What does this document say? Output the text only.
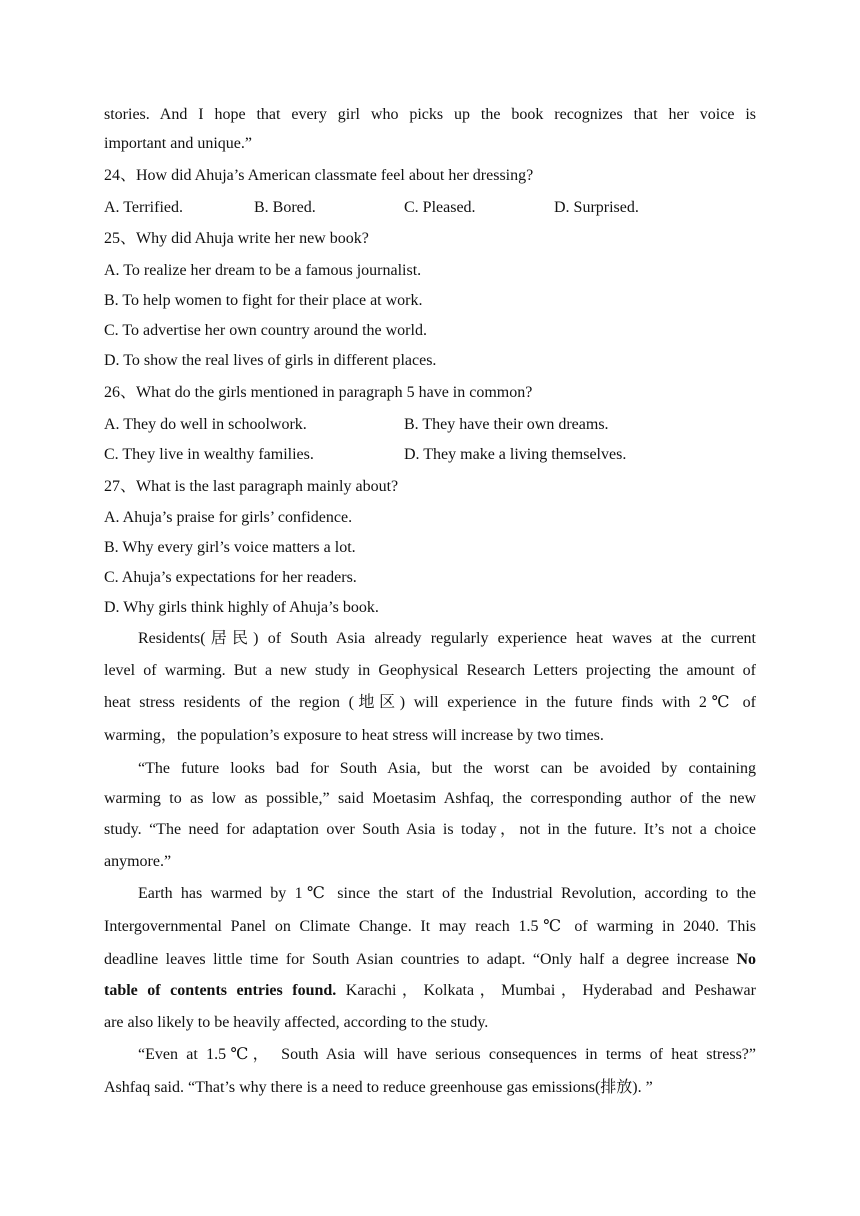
stories. And I hope that every girl who picks up the book recognizes that her voice is
important and unique.”
24、How did Ahuja’s American classmate feel about her dressing?
A. Terrified.	B. Bored.	C. Pleased.	D. Surprised.
25、Why did Ahuja write her new book?
A. To realize her dream to be a famous journalist.
B. To help women to fight for their place at work.
C. To advertise her own country around the world.
D. To show the real lives of girls in different places.
26、What do the girls mentioned in paragraph 5 have in common?
A. They do well in schoolwork.	B. They have their own dreams.
C. They live in wealthy families.	D. They make a living themselves.
27、What is the last paragraph mainly about?
A. Ahuja’s praise for girls’ confidence.
B. Why every girl’s voice matters a lot.
C. Ahuja’s expectations for her readers.
D. Why girls think highly of Ahuja’s book.
Residents(居民) of South Asia already regularly experience heat waves at the current
level of warming. But a new study in Geophysical Research Letters projecting the amount of
heat stress residents of the region (地区) will experience in the future finds with 2℃ of
warming，the population’s exposure to heat stress will increase by two times.
“The future looks bad for South Asia, but the worst can be avoided by containing
warming to as low as possible,” said Moetasim Ashfaq, the corresponding author of the new
study. “The need for adaptation over South Asia is today，not in the future. It’s not a choice
anymore.”
Earth has warmed by 1℃ since the start of the Industrial Revolution, according to the
Intergovernmental Panel on Climate Change. It may reach 1.5℃ of warming in 2040. This
deadline leaves little time for South Asian countries to adapt. “Only half a degree increase No
table of contents entries found. Karachi，Kolkata，Mumbai，Hyderabad and Peshawar
are also likely to be heavily affected, according to the study.
“Even at 1.5℃， South Asia will have serious consequences in terms of heat stress?”
Ashfaq said. “That’s why there is a need to reduce greenhouse gas emissions(排放). ”
